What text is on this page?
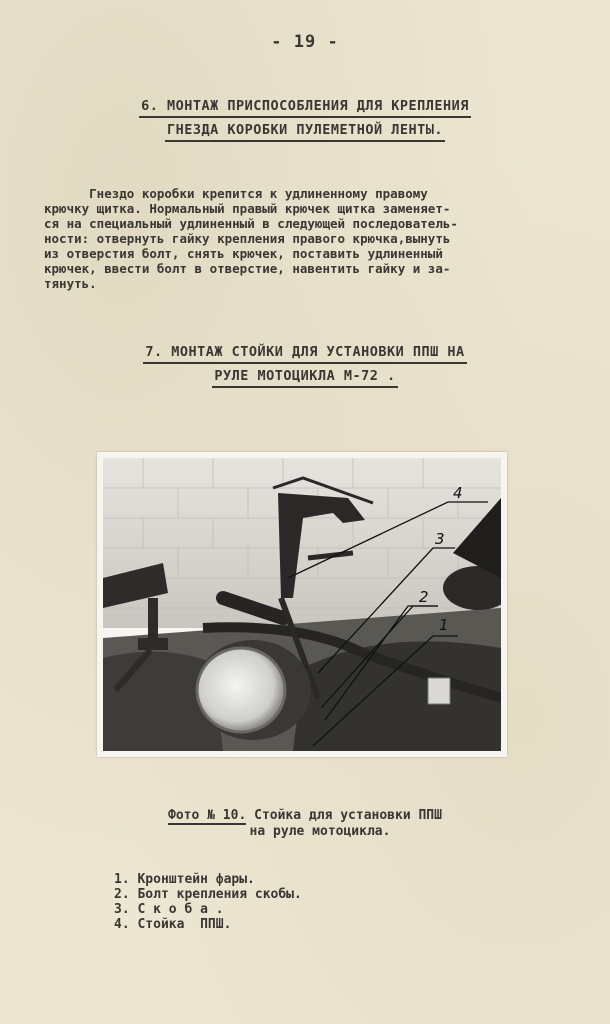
- 19 -
6. МОНТАЖ ПРИСПОСОБЛЕНИЯ ДЛЯ КРЕПЛЕНИЯ
ГНЕЗДА КОРОБКИ ПУЛЕМЕТНОЙ ЛЕНТЫ.
Гнездо коробки крепится к удлиненному правому
крючку щитка. Нормальный правый крючек щитка заменяет-
ся на специальный удлиненный в следующей последователь-
ности: отвернуть гайку крепления правого крючка,вынуть
из отверстия болт, снять крючек, поставить удлиненный
крючек, ввести болт в отверстие, навентить гайку и за-
тянуть.
7. МОНТАЖ СТОЙКИ ДЛЯ УСТАНОВКИ ППШ НА
РУЛЕ МОТОЦИКЛА М-72 .
4
3
2
1
Фото № 10. Стойка для установки ППШ
на руле мотоцикла.
1. Кронштейн фары.
2. Болт крепления скобы.
3. С к о б а .
4. Стойка  ППШ.
